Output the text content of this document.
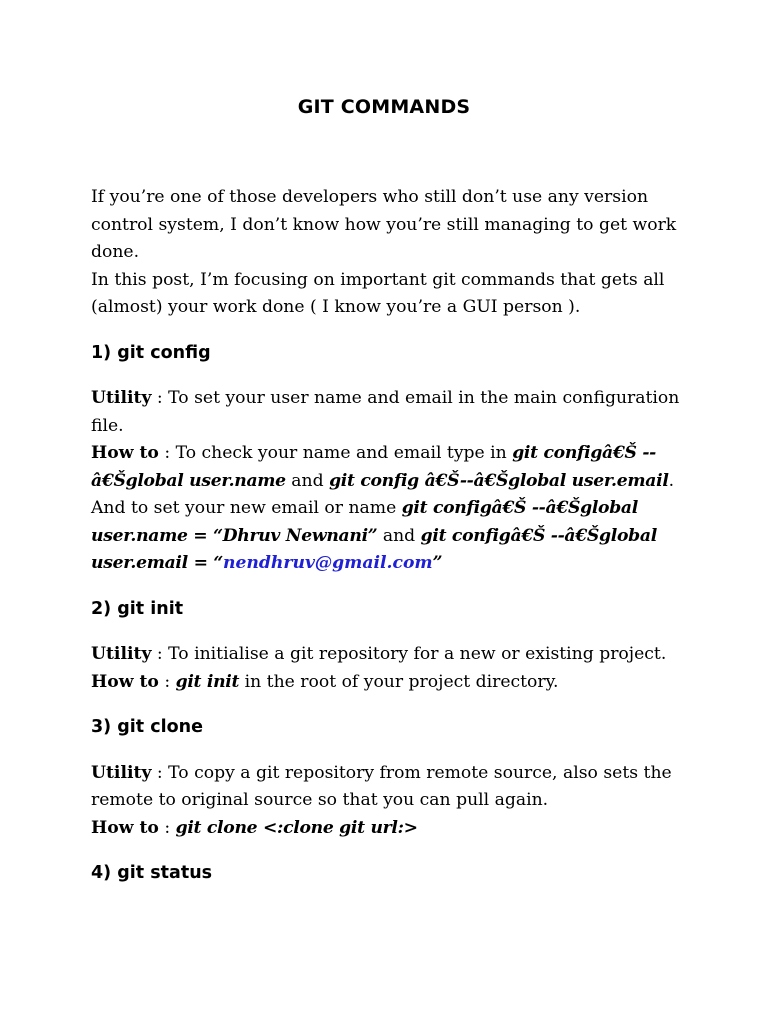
GIT COMMANDS

If you’re one of those developers who still don’t use any version control system, I don’t know how you’re still managing to get work done.

In this post, I’m focusing on important git commands that gets all (almost) your work done ( I know you’re a GUI person ).

1) git config

Utility : To set your user name and email in the main configuration file.

How to : To check your name and email type in git configâ€Š --â€Šglobal user.name and git config â€Š--â€Šglobal user.email.
And to set your new email or name git configâ€Š --â€Šglobal user.name = “Dhruv Newnani” and git configâ€Š --â€Šglobal user.email = “nendhruv@gmail.com”

2) git init

Utility : To initialise a git repository for a new or existing project.

How to : git init in the root of your project directory.

3) git clone

Utility : To copy a git repository from remote source, also sets the remote to original source so that you can pull again.

How to : git clone <:clone git url:>

4) git status
